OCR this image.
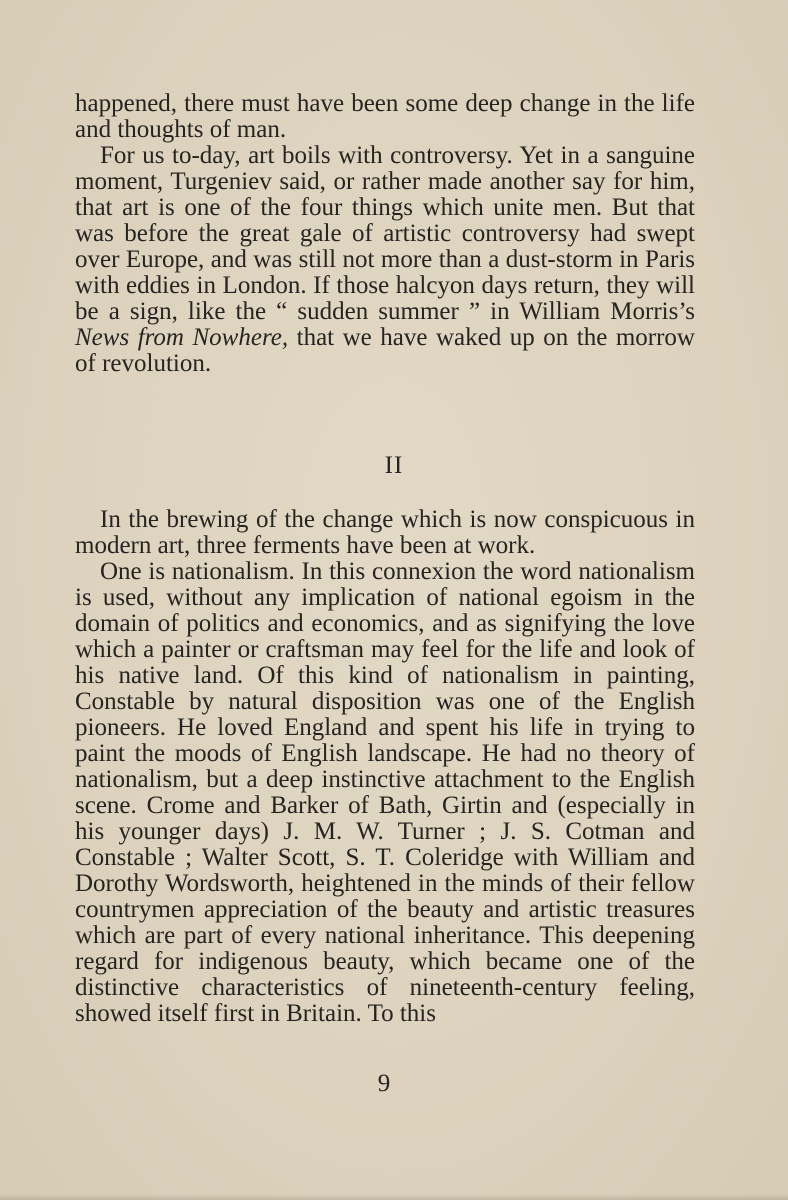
happened, there must have been some deep change in the life and thoughts of man.

For us to-day, art boils with controversy. Yet in a sanguine moment, Turgeniev said, or rather made another say for him, that art is one of the four things which unite men. But that was before the great gale of artistic controversy had swept over Europe, and was still not more than a dust-storm in Paris with eddies in London. If those halcyon days return, they will be a sign, like the “ sudden summer ” in William Morris’s News from Nowhere, that we have waked up on the morrow of revolution.

II

In the brewing of the change which is now conspicuous in modern art, three ferments have been at work.

One is nationalism. In this connexion the word nationalism is used, without any implication of national egoism in the domain of politics and economics, and as signifying the love which a painter or craftsman may feel for the life and look of his native land. Of this kind of nationalism in painting, Constable by natural disposition was one of the English pioneers. He loved England and spent his life in trying to paint the moods of English landscape. He had no theory of nationalism, but a deep instinctive attachment to the English scene. Crome and Barker of Bath, Girtin and (especially in his younger days) J. M. W. Turner ; J. S. Cotman and Constable ; Walter Scott, S. T. Coleridge with William and Dorothy Wordsworth, heightened in the minds of their fellow countrymen appreciation of the beauty and artistic treasures which are part of every national inheritance. This deepening regard for indigenous beauty, which became one of the distinctive characteristics of nineteenth-century feeling, showed itself first in Britain. To this

9
